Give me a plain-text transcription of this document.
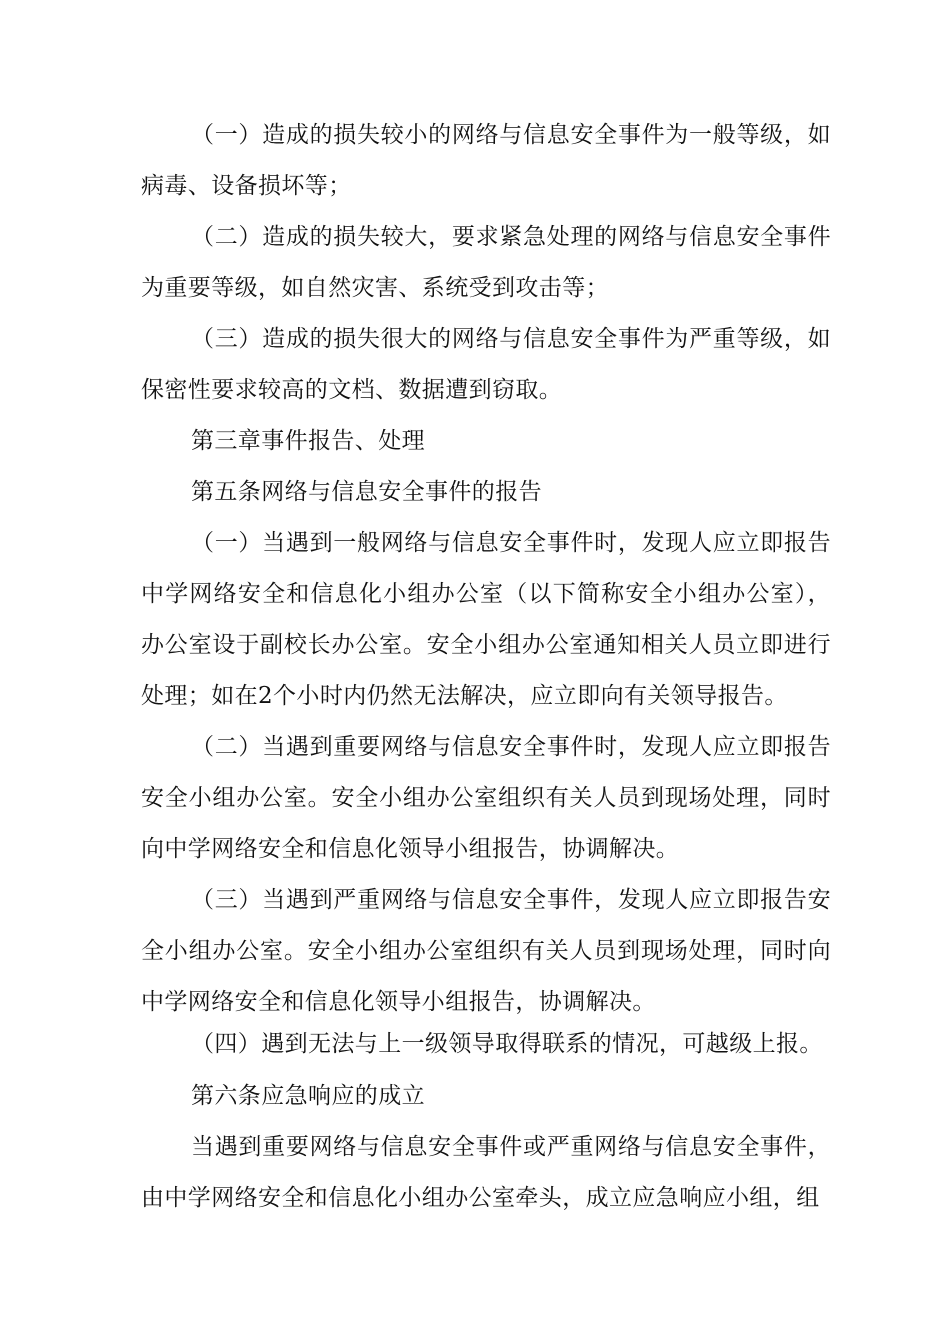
（一）造成的损失较小的网络与信息安全事件为一般等级，如病毒、设备损坏等；

（二）造成的损失较大，要求紧急处理的网络与信息安全事件为重要等级，如自然灾害、系统受到攻击等；

（三）造成的损失很大的网络与信息安全事件为严重等级，如保密性要求较高的文档、数据遭到窃取。

第三章事件报告、处理

第五条网络与信息安全事件的报告

（一）当遇到一般网络与信息安全事件时，发现人应立即报告中学网络安全和信息化小组办公室（以下简称安全小组办公室），办公室设于副校长办公室。安全小组办公室通知相关人员立即进行处理；如在2个小时内仍然无法解决，应立即向有关领导报告。

（二）当遇到重要网络与信息安全事件时，发现人应立即报告安全小组办公室。安全小组办公室组织有关人员到现场处理，同时向中学网络安全和信息化领导小组报告，协调解决。

（三）当遇到严重网络与信息安全事件，发现人应立即报告安全小组办公室。安全小组办公室组织有关人员到现场处理，同时向中学网络安全和信息化领导小组报告，协调解决。

（四）遇到无法与上一级领导取得联系的情况，可越级上报。

第六条应急响应的成立

当遇到重要网络与信息安全事件或严重网络与信息安全事件，由中学网络安全和信息化小组办公室牵头，成立应急响应小组，组
